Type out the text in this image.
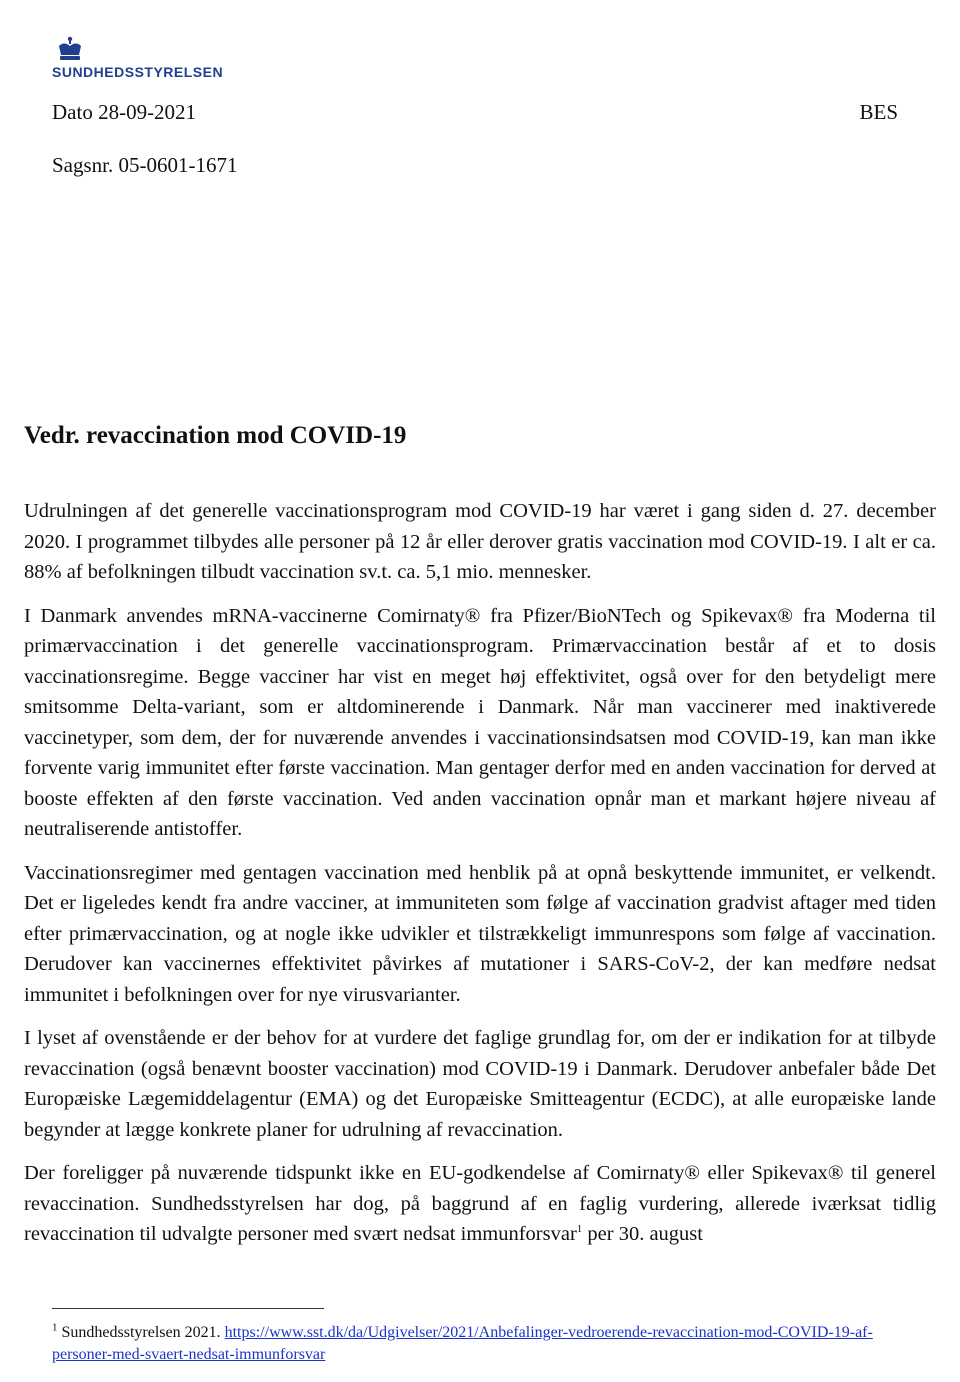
SUNDHEDSSTYRELSEN
Dato 28-09-2021	BES
Sagsnr. 05-0601-1671
Vedr. revaccination mod COVID-19

Udrulningen af det generelle vaccinationsprogram mod COVID-19 har været i gang siden d. 27. december 2020. I programmet tilbydes alle personer på 12 år eller derover gratis vaccination mod COVID-19. I alt er ca. 88% af befolkningen tilbudt vaccination sv.t. ca. 5,1 mio. mennesker.

I Danmark anvendes mRNA-vaccinerne Comirnaty® fra Pfizer/BioNTech og Spikevax® fra Moderna til primærvaccination i det generelle vaccinationsprogram. Primærvaccination består af et to dosis vaccinationsregime. Begge vacciner har vist en meget høj effektivitet, også over for den betydeligt mere smitsomme Delta-variant, som er altdominerende i Danmark. Når man vaccinerer med inaktiverede vaccinetyper, som dem, der for nuværende anvendes i vaccinationsindsatsen mod COVID-19, kan man ikke forvente varig immunitet efter første vaccination. Man gentager derfor med en anden vaccination for derved at booste effekten af den første vaccination. Ved anden vaccination opnår man et markant højere niveau af neutraliserende antistoffer.

Vaccinationsregimer med gentagen vaccination med henblik på at opnå beskyttende immunitet, er velkendt. Det er ligeledes kendt fra andre vacciner, at immuniteten som følge af vaccination gradvist aftager med tiden efter primærvaccination, og at nogle ikke udvikler et tilstrækkeligt immunrespons som følge af vaccination. Derudover kan vaccinernes effektivitet påvirkes af mutationer i SARS-CoV-2, der kan medføre nedsat immunitet i befolkningen over for nye virusvarianter.

I lyset af ovenstående er der behov for at vurdere det faglige grundlag for, om der er indikation for at tilbyde revaccination (også benævnt booster vaccination) mod COVID-19 i Danmark. Derudover anbefaler både Det Europæiske Lægemiddelagentur (EMA) og det Europæiske Smitteagentur (ECDC), at alle europæiske lande begynder at lægge konkrete planer for udrulning af revaccination.

Der foreligger på nuværende tidspunkt ikke en EU-godkendelse af Comirnaty® eller Spikevax® til generel revaccination. Sundhedsstyrelsen har dog, på baggrund af en faglig vurdering, allerede iværksat tidlig revaccination til udvalgte personer med svært nedsat immunforsvar$^1$ per 30. august

$^1$ Sundhedsstyrelsen 2021. https://www.sst.dk/da/Udgivelser/2021/Anbefalinger-vedroerende-revaccination-mod-COVID-19-af-personer-med-svaert-nedsat-immunforsvar
